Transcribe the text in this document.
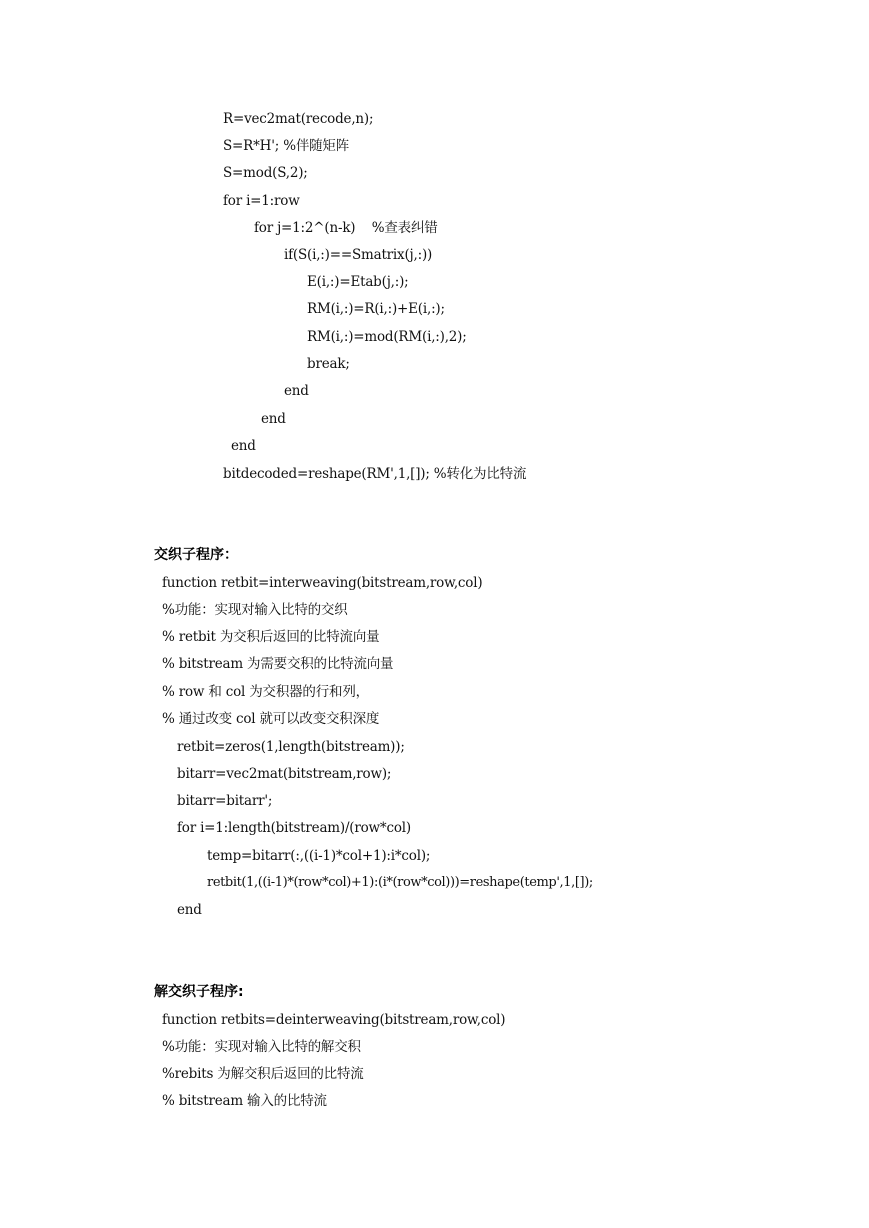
R=vec2mat(recode,n);
S=R*H'; %伴随矩阵
S=mod(S,2);
for i=1:row
for j=1:2^(n-k)    %查表纠错
if(S(i,:)==Smatrix(j,:))
E(i,:)=Etab(j,:);
RM(i,:)=R(i,:)+E(i,:);
RM(i,:)=mod(RM(i,:),2);
break;
end
end
end
bitdecoded=reshape(RM',1,[]); %转化为比特流
交织子程序：
function retbit=interweaving(bitstream,row,col)
%功能：实现对输入比特的交织
% retbit 为交积后返回的比特流向量
% bitstream 为需要交积的比特流向量
% row 和 col 为交积器的行和列，
% 通过改变 col 就可以改变交积深度
retbit=zeros(1,length(bitstream));
bitarr=vec2mat(bitstream,row);
bitarr=bitarr';
for i=1:length(bitstream)/(row*col)
temp=bitarr(:,((i-1)*col+1):i*col);
retbit(1,((i-1)*(row*col)+1):(i*(row*col)))=reshape(temp',1,[]);
end
解交织子程序:
function retbits=deinterweaving(bitstream,row,col)
%功能：实现对输入比特的解交积
%rebits 为解交积后返回的比特流
% bitstream 输入的比特流
